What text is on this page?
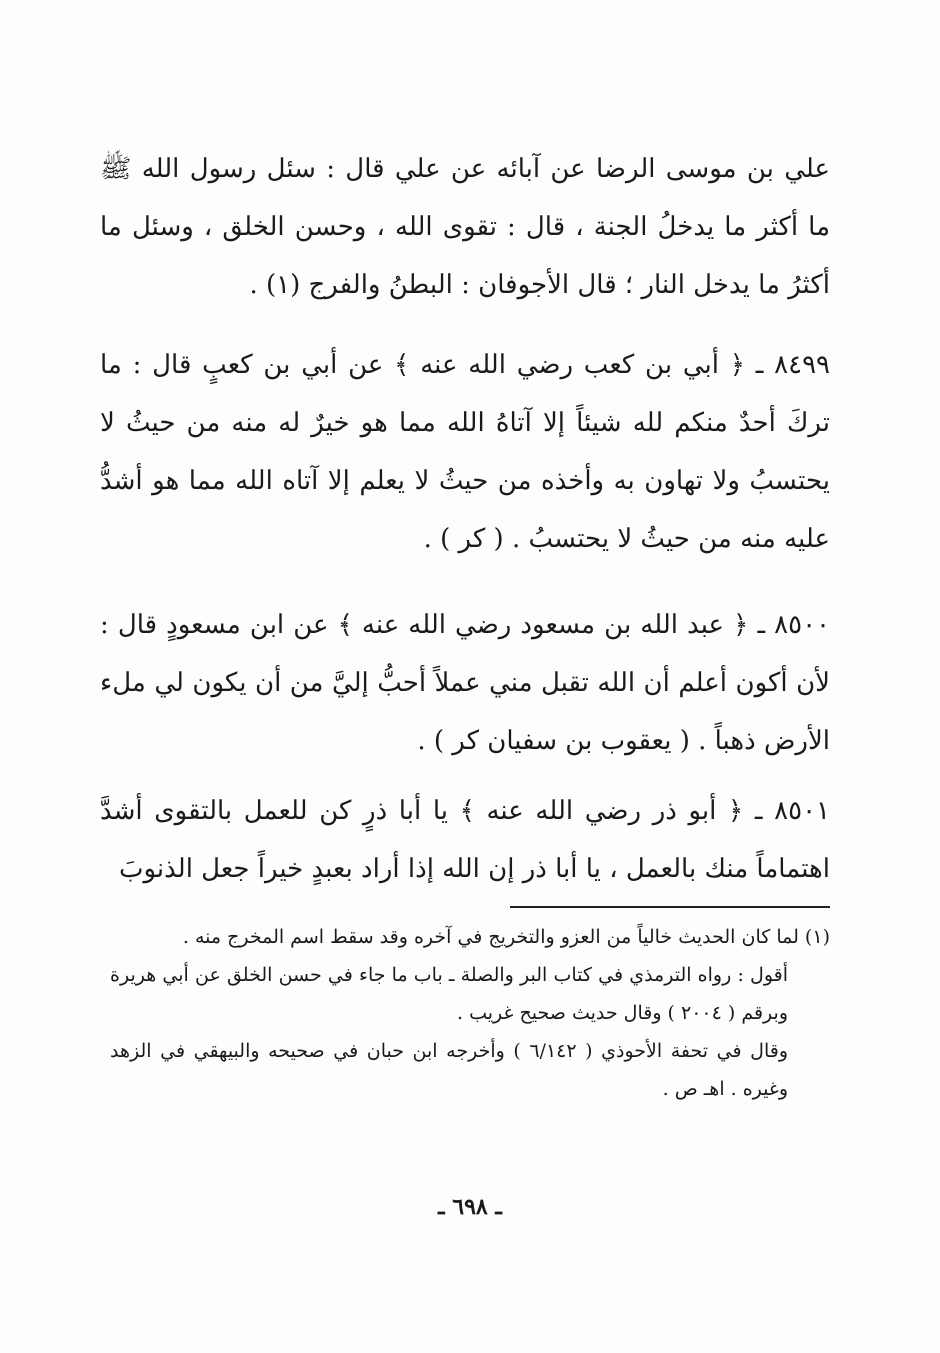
علي بن موسى الرضا عن آبائه عن علي قال : سئل رسول الله ﷺ ما أكثر ما يدخلُ الجنة ، قال : تقوى الله ، وحسن الخلق ، وسئل ما أكثرُ ما يدخل النار ؛ قال الأجوفان : البطنُ والفرج (١) .

٨٤٩٩ ـ ﴿ أبي بن كعب رضي الله عنه ﴾ عن أبي بن كعبٍ قال : ما تركَ أحدٌ منكم لله شيئاً إلا آتاهُ الله مما هو خيرٌ له منه من حيثُ لا يحتسبُ ولا تهاون به وأخذه من حيثُ لا يعلم إلا آتاه الله مما هو أشدُّ عليه منه من حيثُ لا يحتسبُ . ( كر ) .

٨٥٠٠ ـ ﴿ عبد الله بن مسعود رضي الله عنه ﴾ عن ابن مسعودٍ قال : لأن أكون أعلم أن الله تقبل مني عملاً أحبُّ إليَّ من أن يكون لي ملء الأرض ذهباً . ( يعقوب بن سفيان كر ) .

٨٥٠١ ـ ﴿ أبو ذر رضي الله عنه ﴾ يا أبا ذرٍ كن للعمل بالتقوى أشدَّ اهتماماً منك بالعمل ، يا أبا ذر إن الله إذا أراد بعبدٍ خيراً جعل الذنوبَ

(١) لما كان الحديث خالياً من العزو والتخريج في آخره وقد سقط اسم المخرج منه .

أقول : رواه الترمذي في كتاب البر والصلة ـ باب ما جاء في حسن الخلق عن أبي هريرة وبرقم ( ٢٠٠٤ ) وقال حديث صحيح غريب .

وقال في تحفة الأحوذي ( ٦/١٤٢ ) وأخرجه ابن حبان في صحيحه والبيهقي في الزهد وغيره . اهـ ص .

ـ ٦٩٨ ـ
